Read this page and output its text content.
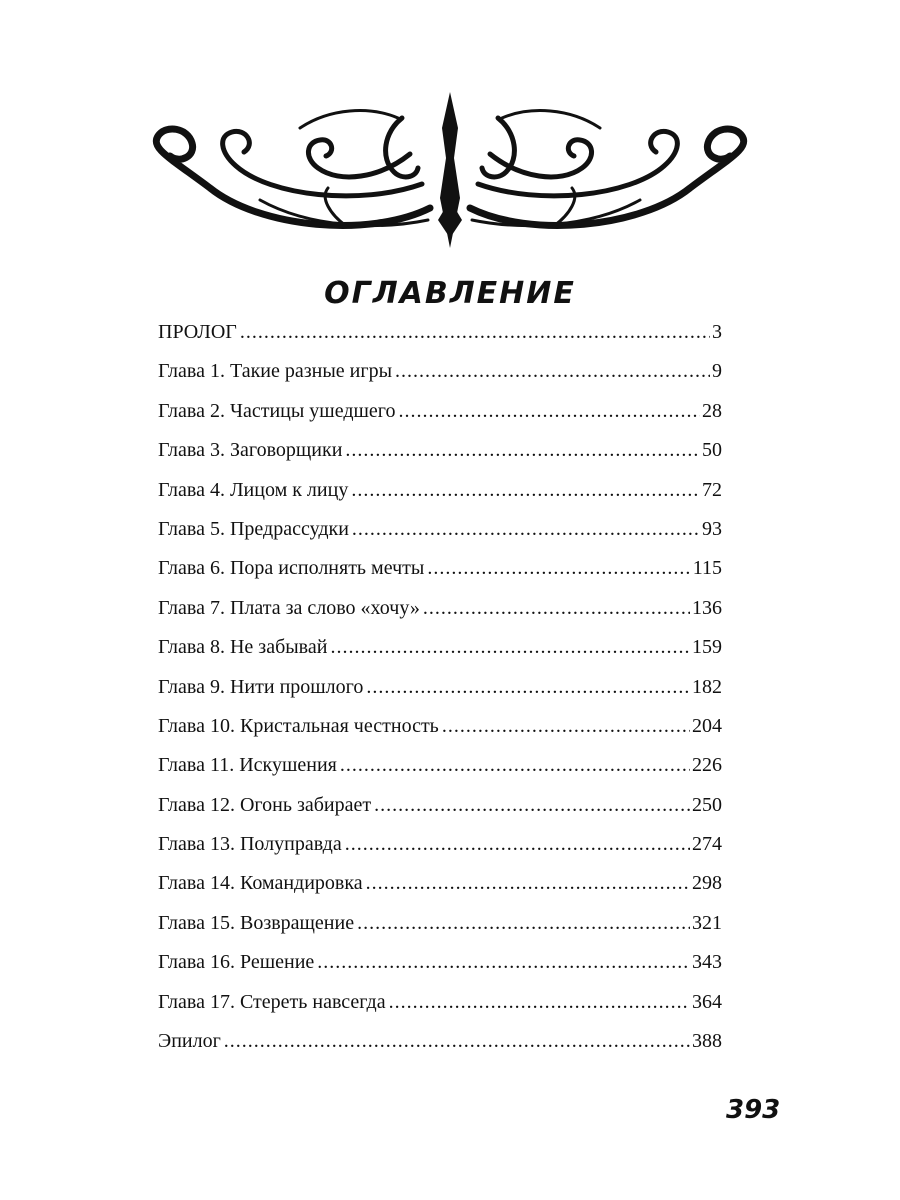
ОГЛАВЛЕНИЕ
ПРОЛОГ .....	3
Глава 1. Такие разные игры .....	9
Глава 2. Частицы ушедшего .....	28
Глава 3. Заговорщики .....	50
Глава 4. Лицом к лицу .....	72
Глава 5. Предрассудки .....	93
Глава 6. Пора исполнять мечты .....	115
Глава 7. Плата за слово «хочу» .....	136
Глава 8. Не забывай .....	159
Глава 9. Нити прошлого .....	182
Глава 10. Кристальная честность .....	204
Глава 11. Искушения .....	226
Глава 12. Огонь забирает .....	250
Глава 13. Полуправда .....	274
Глава 14. Командировка .....	298
Глава 15. Возвращение .....	321
Глава 16. Решение .....	343
Глава 17. Стереть навсегда .....	364
Эпилог .....	388

393
